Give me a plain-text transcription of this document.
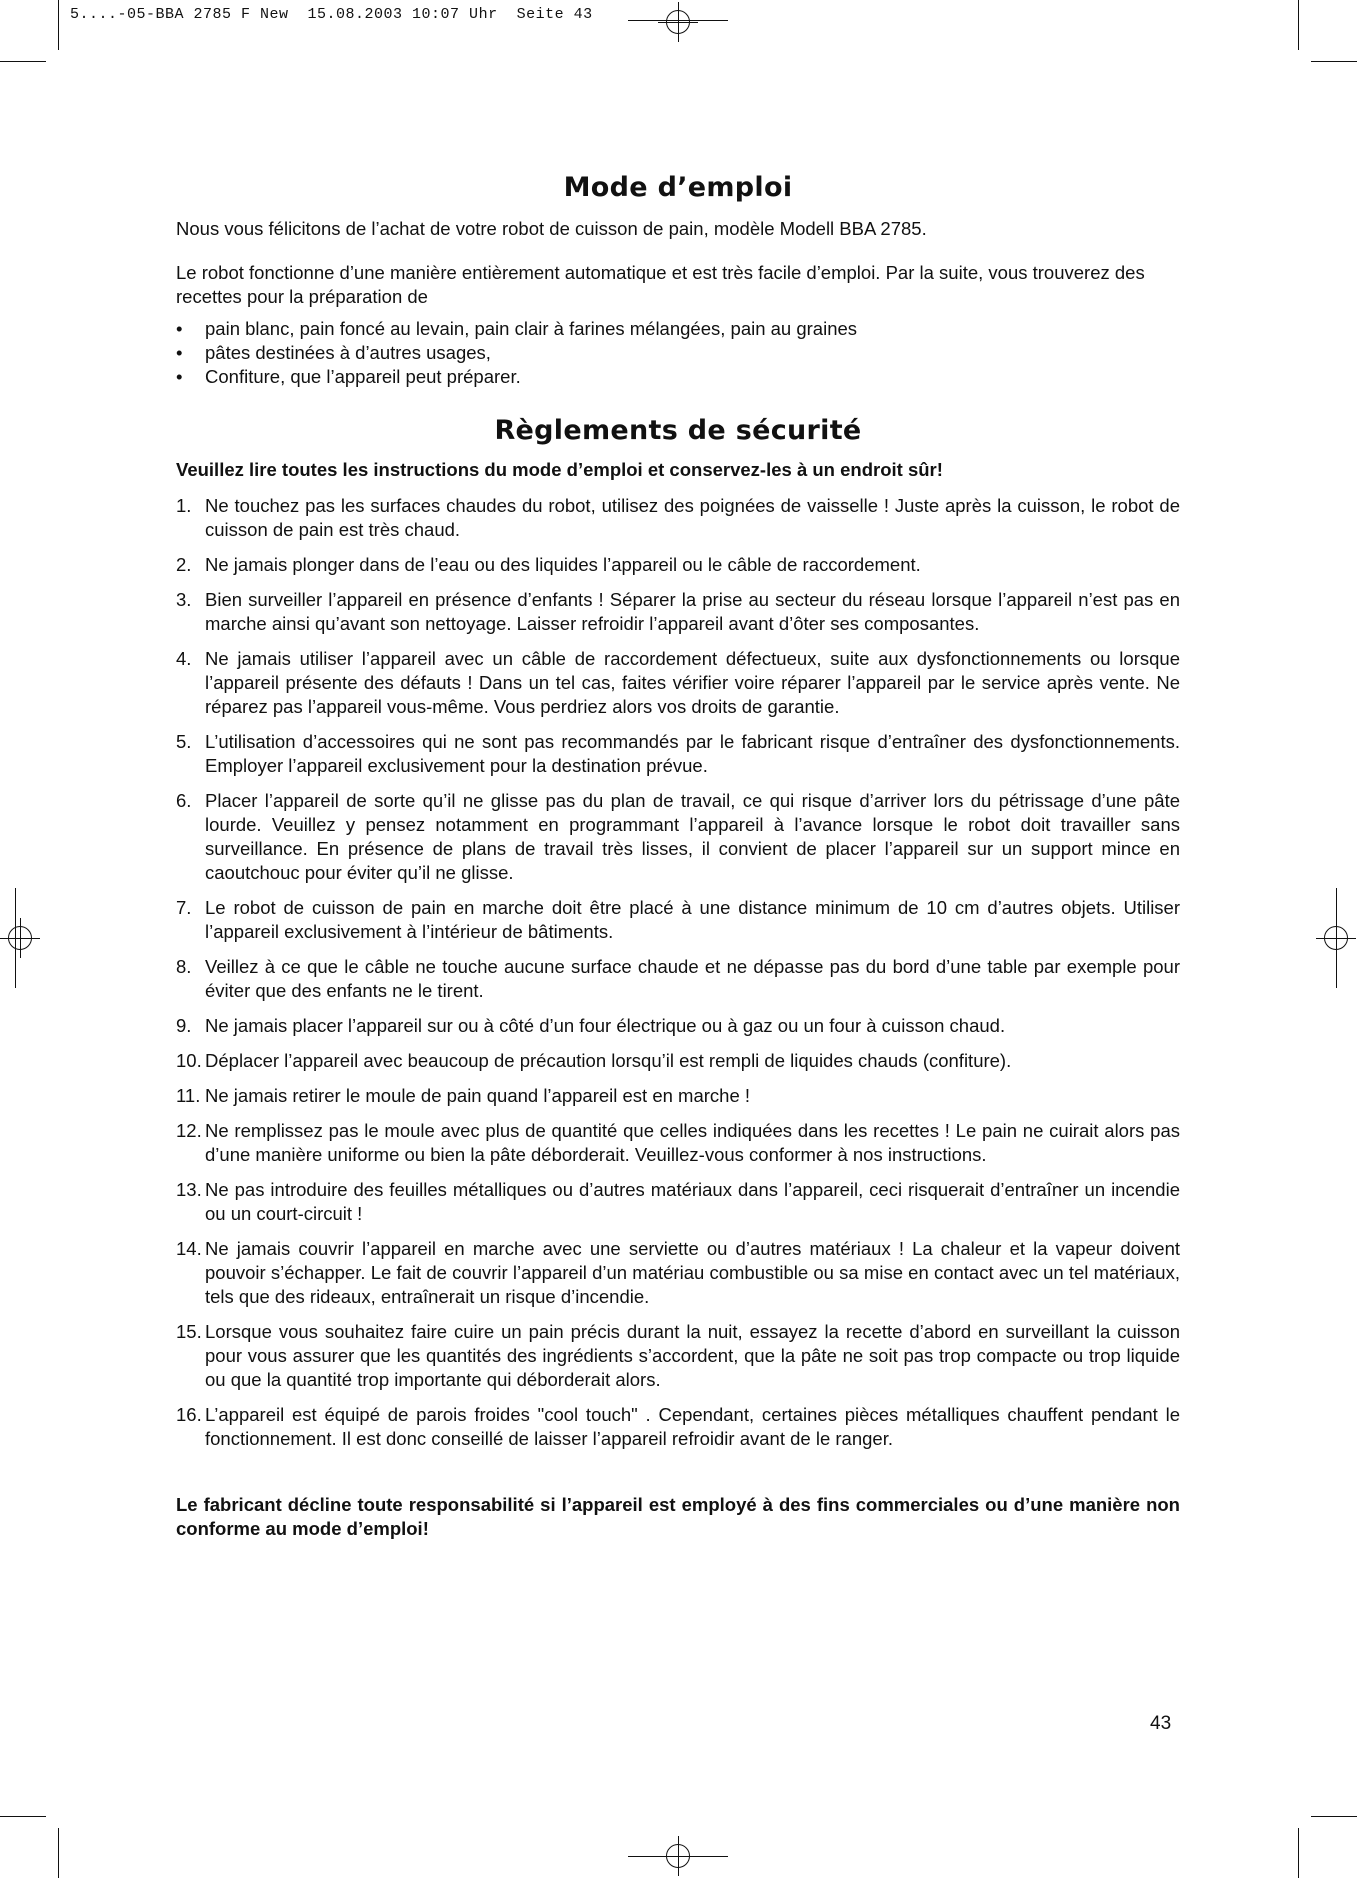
5....-05-BBA 2785 F New  15.08.2003 10:07 Uhr  Seite 43
Mode d’emploi

Nous vous félicitons de l’achat de votre robot de cuisson de pain, modèle Modell BBA 2785.

Le robot fonctionne d’une manière entièrement automatique et est très facile d’emploi. Par la suite, vous trouverez des recettes pour la préparation de

• pain blanc, pain foncé au levain, pain clair à farines mélangées, pain au graines
• pâtes destinées à d’autres usages,
• Confiture, que l’appareil peut préparer.
Règlements de sécurité
Veuillez lire toutes les instructions du mode d’emploi et conservez-les à un endroit sûr!
1. Ne touchez pas les surfaces chaudes du robot, utilisez des poignées de vaisselle ! Juste après la cuisson, le robot de cuisson de pain est très chaud.
2. Ne jamais plonger dans de l’eau ou des liquides l’appareil ou le câble de raccordement.
3. Bien surveiller l’appareil en présence d’enfants ! Séparer la prise au secteur du réseau lorsque l’appareil n’est pas en marche ainsi qu’avant son nettoyage. Laisser refroidir l’appareil avant d’ôter ses composantes.
4. Ne jamais utiliser l’appareil avec un câble de raccordement défectueux, suite aux dysfonctionnements ou lorsque l’appareil présente des défauts ! Dans un tel cas, faites vérifier voire réparer l’appareil par le service après vente. Ne réparez pas l’appareil vous-même. Vous perdriez alors vos droits de garantie.
5. L’utilisation d’accessoires qui ne sont pas recommandés par le fabricant risque d’entraîner des dysfonctionnements. Employer l’appareil exclusivement pour la destination prévue.
6. Placer l’appareil de sorte qu’il ne glisse pas du plan de travail, ce qui risque d’arriver lors du pétrissage d’une pâte lourde. Veuillez y pensez notamment en programmant l’appareil à l’avance lorsque le robot doit travailler sans surveillance. En présence de plans de travail très lisses, il convient de placer l’appareil sur un support mince en caoutchouc pour éviter qu’il ne glisse.
7. Le robot de cuisson de pain en marche doit être placé à une distance minimum de 10 cm d’autres objets. Utiliser l’appareil exclusivement à l’intérieur de bâtiments.
8. Veillez à ce que le câble ne touche aucune surface chaude et ne dépasse pas du bord d’une table par exemple pour éviter que des enfants ne le tirent.
9. Ne jamais placer l’appareil sur ou à côté d’un four électrique ou à gaz ou un four à cuisson chaud.
10. Déplacer l’appareil avec beaucoup de précaution lorsqu’il est rempli de liquides chauds (confiture).
11. Ne jamais retirer le moule de pain quand l’appareil est en marche !
12. Ne remplissez pas le moule avec plus de quantité que celles indiquées dans les recettes ! Le pain ne cuirait alors pas d’une manière uniforme ou bien la pâte déborderait. Veuillez-vous conformer à nos instructions.
13. Ne pas introduire des feuilles métalliques ou d’autres matériaux dans l’appareil, ceci risquerait d’entraîner un incendie ou un court-circuit !
14. Ne jamais couvrir l’appareil en marche avec une serviette ou d’autres matériaux ! La chaleur et la vapeur doivent pouvoir s’échapper. Le fait de couvrir l’appareil d’un matériau combustible ou sa mise en contact avec un tel matériaux, tels que des rideaux, entraînerait un risque d’incendie.
15. Lorsque vous souhaitez faire cuire un pain précis durant la nuit, essayez la recette d’abord en surveillant la cuisson pour vous assurer que les quantités des ingrédients s’accordent, que la pâte ne soit pas trop compacte ou trop liquide ou que la quantité trop importante qui déborderait alors.
16. L’appareil est équipé de parois froides "cool touch" . Cependant, certaines pièces métalliques chauffent pendant le fonctionnement. Il est donc conseillé de laisser l’appareil refroidir avant de le ranger.
Le fabricant décline toute responsabilité si l’appareil est employé à des fins commerciales ou d’une manière non conforme au mode d’emploi!
43
